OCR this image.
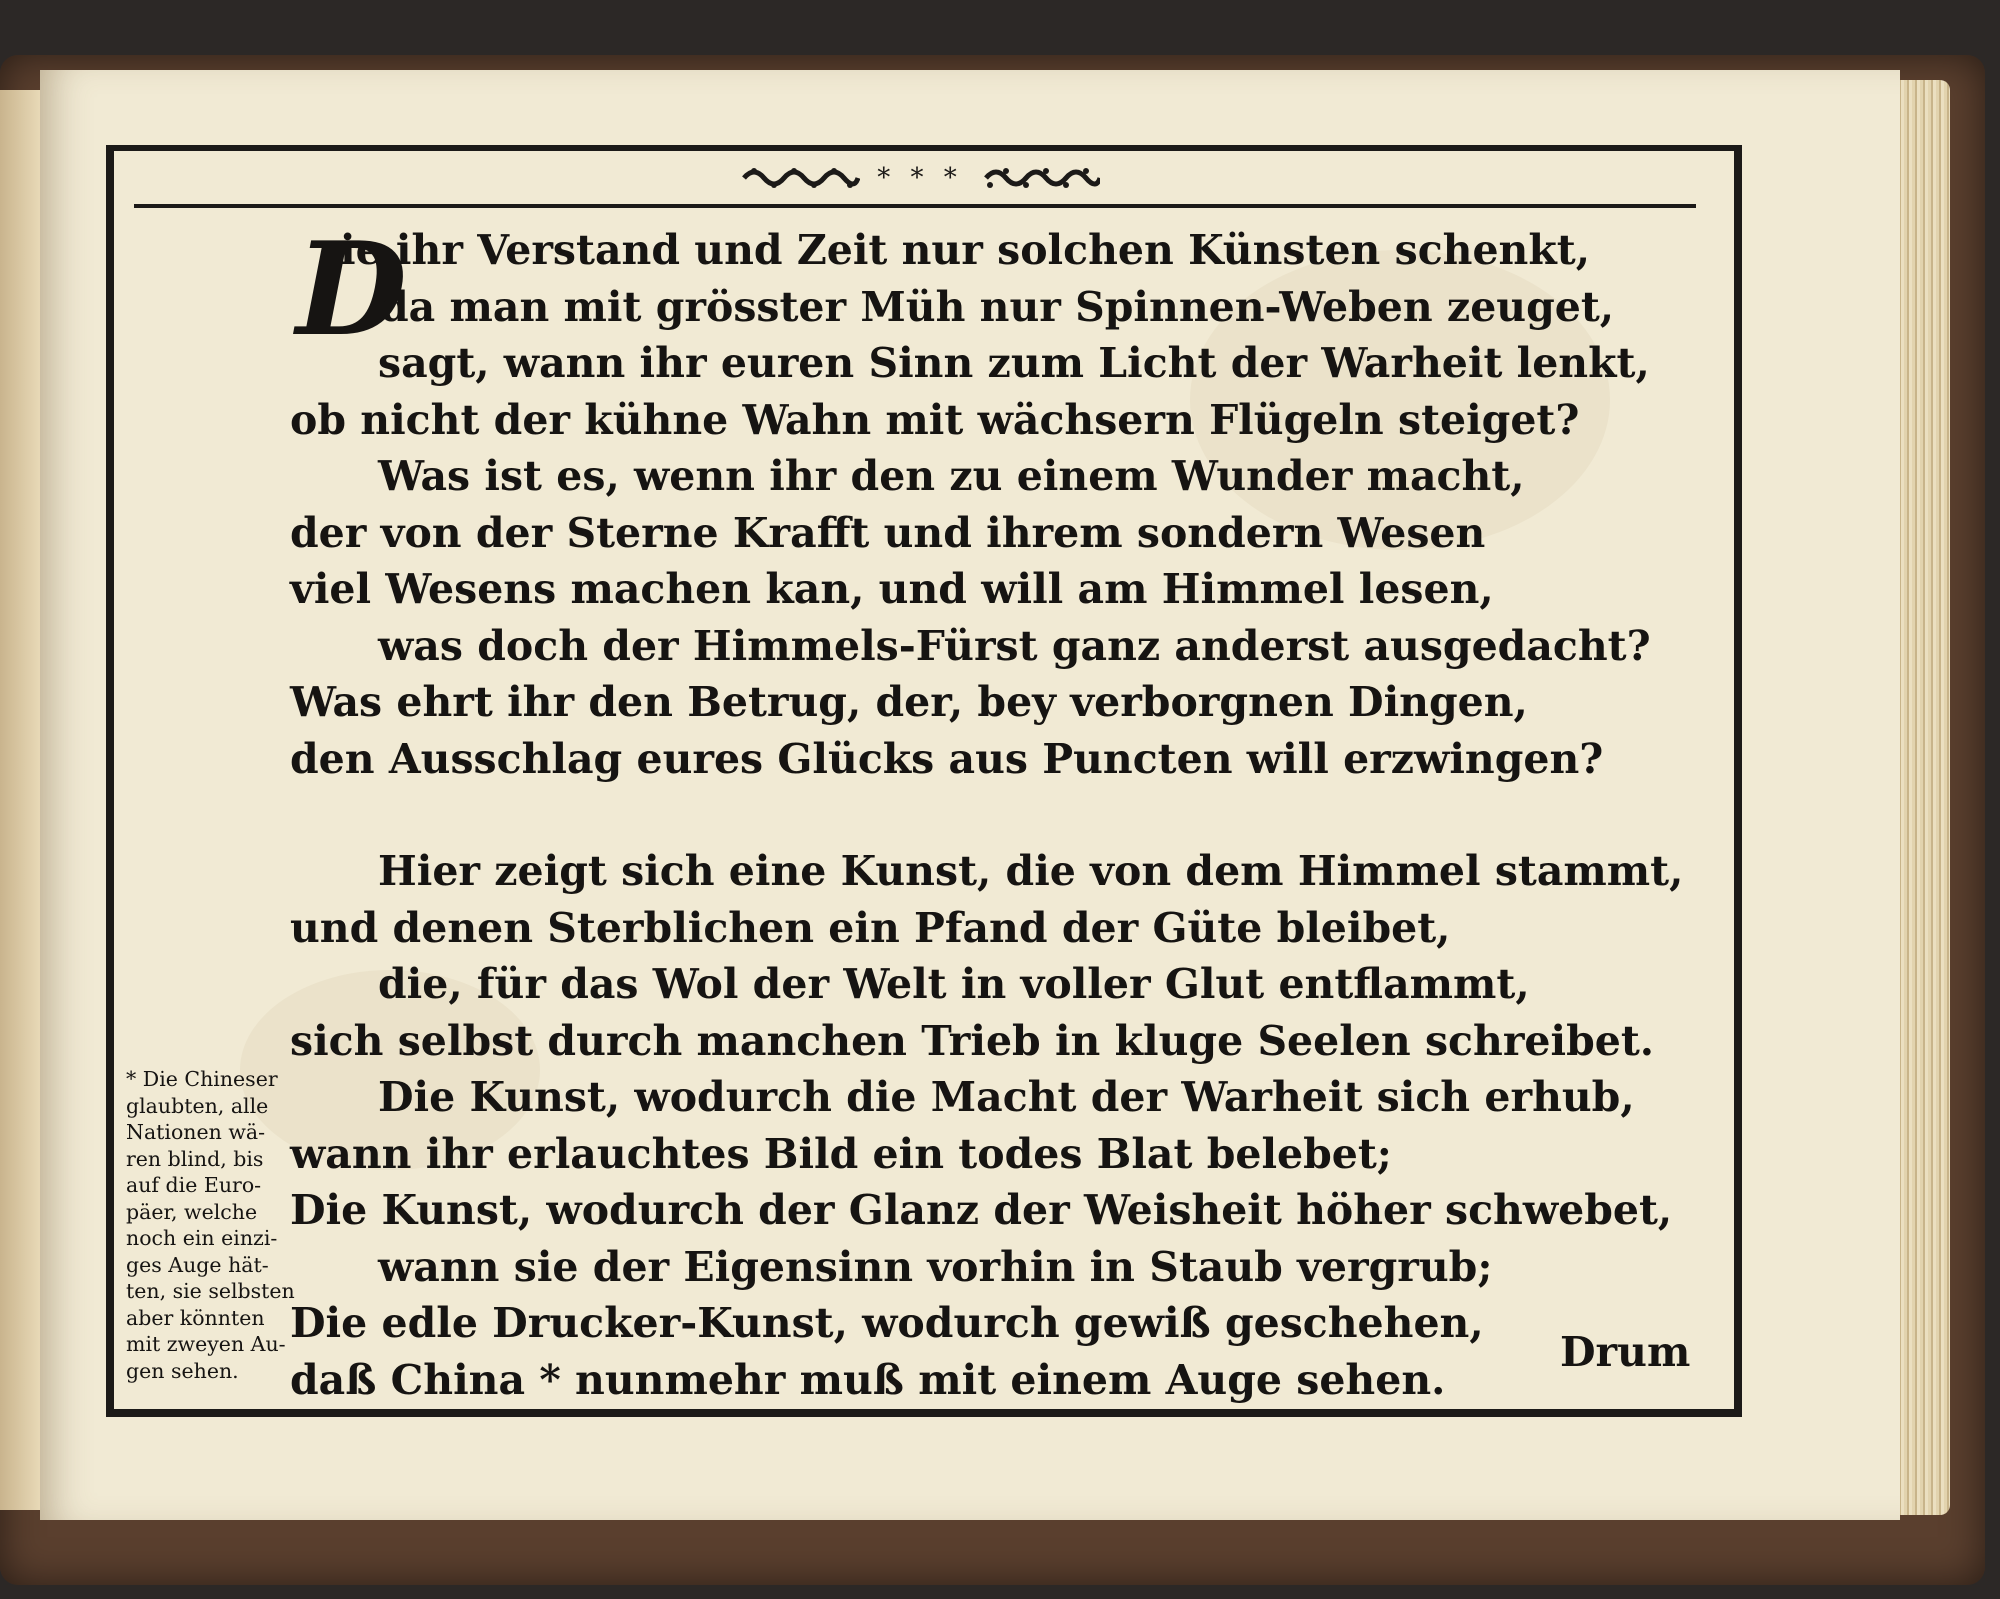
* * *
D
ie ihr Verstand und Zeit nur solchen Künsten schenkt,
da man mit grösster Müh nur Spinnen-Weben zeuget,
sagt, wann ihr euren Sinn zum Licht der Warheit lenkt,
ob nicht der kühne Wahn mit wächsern Flügeln steiget?
Was ist es, wenn ihr den zu einem Wunder macht,
der von der Sterne Krafft und ihrem sondern Wesen
viel Wesens machen kan, und will am Himmel lesen,
was doch der Himmels-Fürst ganz anderst ausgedacht?
Was ehrt ihr den Betrug, der, bey verborgnen Dingen,
den Ausschlag eures Glücks aus Puncten will erzwingen?
Hier zeigt sich eine Kunst, die von dem Himmel stammt,
und denen Sterblichen ein Pfand der Güte bleibet,
die, für das Wol der Welt in voller Glut entflammt,
sich selbst durch manchen Trieb in kluge Seelen schreibet.
Die Kunst, wodurch die Macht der Warheit sich erhub,
wann ihr erlauchtes Bild ein todes Blat belebet;
Die Kunst, wodurch der Glanz der Weisheit höher schwebet,
wann sie der Eigensinn vorhin in Staub vergrub;
Die edle Drucker-Kunst, wodurch gewiß geschehen,
daß China * nunmehr muß mit einem Auge sehen.
* Die Chineser
glaubten, alle
Nationen wä-
ren blind, bis
auf die Euro-
päer, welche
noch ein einzi-
ges Auge hät-
ten, sie selbsten
aber könnten
mit zweyen Au-
gen sehen.	Drum
